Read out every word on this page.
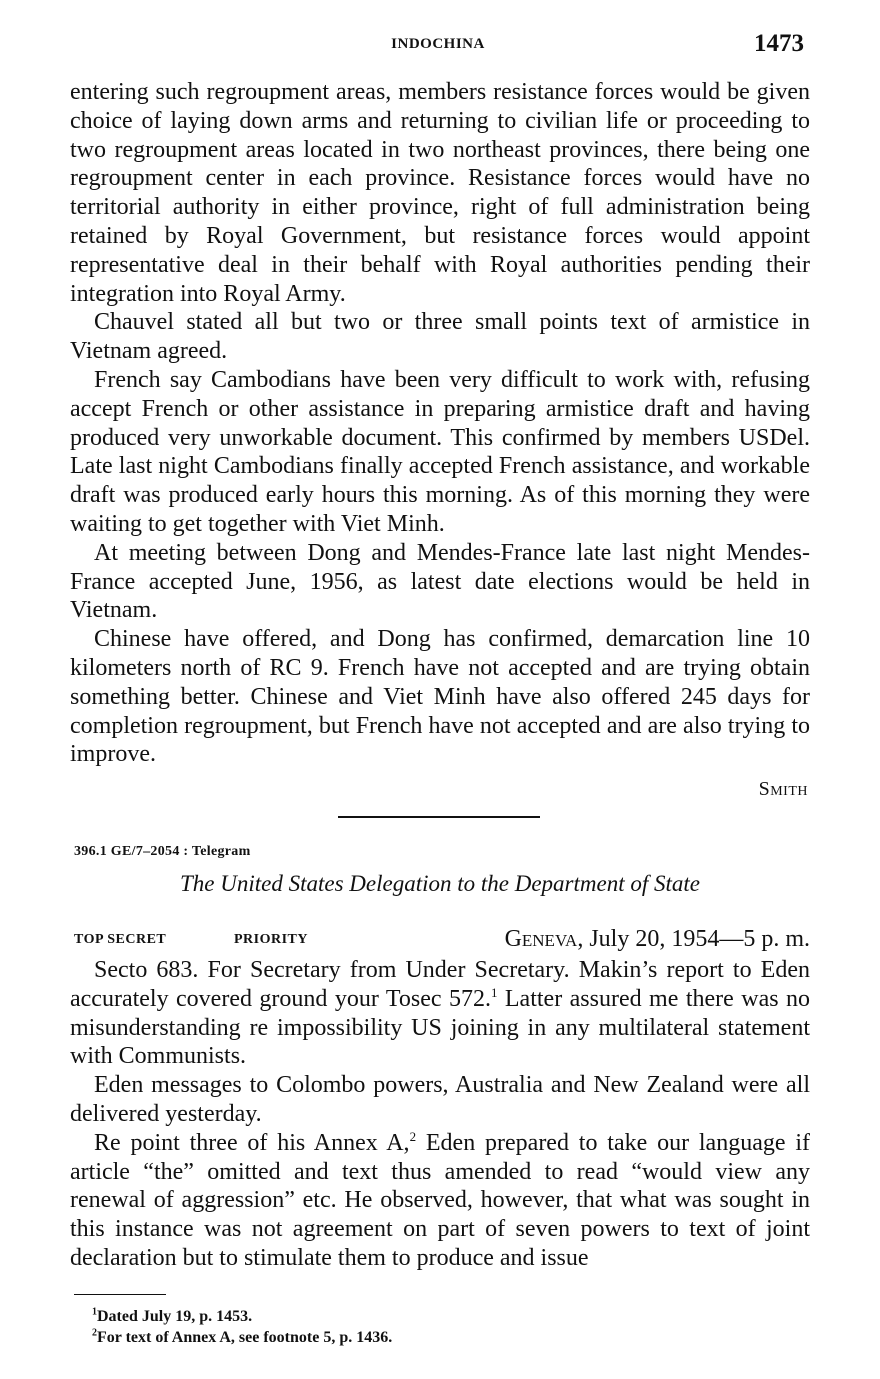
INDOCHINA	1473

entering such regroupment areas, members resistance forces would be given choice of laying down arms and returning to civilian life or proceeding to two regroupment areas located in two northeast provinces, there being one regroupment center in each province. Resistance forces would have no territorial authority in either province, right of full administration being retained by Royal Government, but resistance forces would appoint representative deal in their behalf with Royal authorities pending their integration into Royal Army.

Chauvel stated all but two or three small points text of armistice in Vietnam agreed.

French say Cambodians have been very difficult to work with, refusing accept French or other assistance in preparing armistice draft and having produced very unworkable document. This confirmed by members USDel. Late last night Cambodians finally accepted French assistance, and workable draft was produced early hours this morning. As of this morning they were waiting to get together with Viet Minh.

At meeting between Dong and Mendes-France late last night Mendes-France accepted June, 1956, as latest date elections would be held in Vietnam.

Chinese have offered, and Dong has confirmed, demarcation line 10 kilometers north of RC 9. French have not accepted and are trying obtain something better. Chinese and Viet Minh have also offered 245 days for completion regroupment, but French have not accepted and are also trying to improve.

Smith
396.1 GE/7–2054 : Telegram
The United States Delegation to the Department of State
TOP SECRET	PRIORITY	Geneva, July 20, 1954—5 p. m.

Secto 683. For Secretary from Under Secretary. Makin’s report to Eden accurately covered ground your Tosec 572.$^1$ Latter assured me there was no misunderstanding re impossibility US joining in any multilateral statement with Communists.

Eden messages to Colombo powers, Australia and New Zealand were all delivered yesterday.

Re point three of his Annex A,$^2$ Eden prepared to take our language if article “the” omitted and text thus amended to read “would view any renewal of aggression” etc. He observed, however, that what was sought in this instance was not agreement on part of seven powers to text of joint declaration but to stimulate them to produce and issue

$^1$Dated July 19, p. 1453.
$^2$For text of Annex A, see footnote 5, p. 1436.
